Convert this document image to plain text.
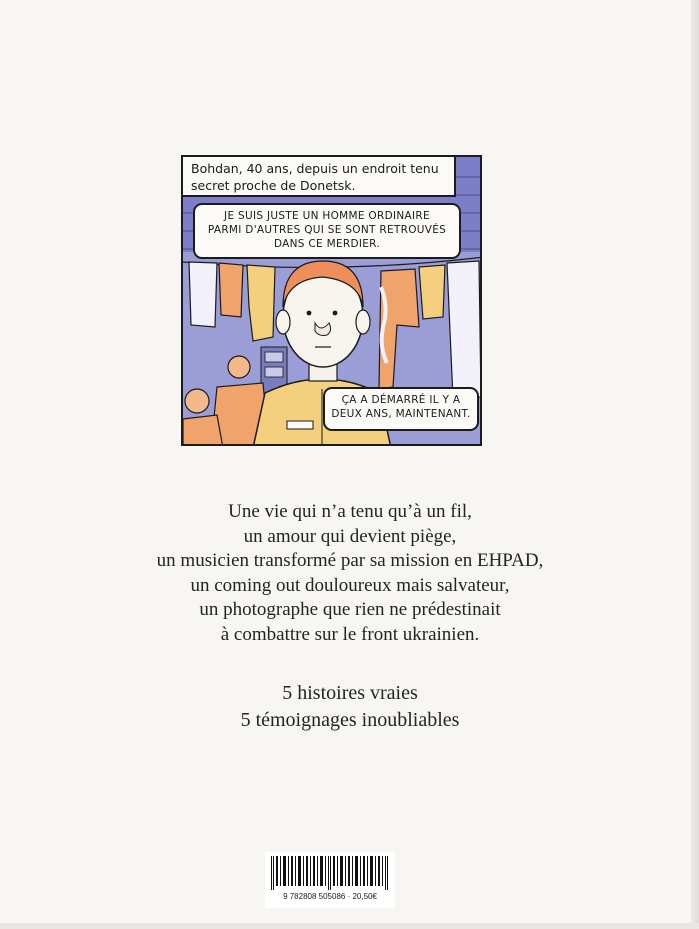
Bohdan, 40 ans, depuis un endroit tenu
secret proche de Donetsk.
JE SUIS JUSTE UN HOMME ORDINAIRE
PARMI D'AUTRES QUI SE SONT RETROUVÉS
DANS CE MERDIER.
ÇA A DÉMARRÉ IL Y A
DEUX ANS, MAINTENANT.
Une vie qui n’a tenu qu’à un fil,
un amour qui devient piège,
un musicien transformé par sa mission en EHPAD,
un coming out douloureux mais salvateur,
un photographe que rien ne prédestinait
à combattre sur le front ukrainien.
5 histoires vraies
5 témoignages inoubliables
9 782808 505086 · 20,50€
